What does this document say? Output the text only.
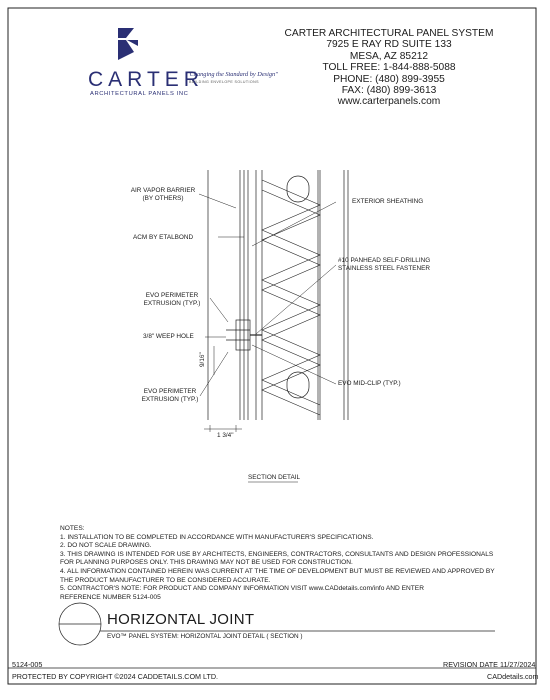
CARTER
ARCHITECTURAL PANELS INC
"Changing the Standard by Design"
BUILDING ENVELOPE SOLUTIONS
CARTER ARCHITECTURAL PANEL SYSTEM
7925 E RAY RD SUITE 133
MESA, AZ 85212
TOLL FREE: 1-844-888-5088
PHONE: (480) 899-3955
FAX: (480) 899-3613
www.carterpanels.com
AIR VAPOR BARRIER
(BY OTHERS)
ACM BY ETALBOND
EVO PERIMETER
EXTRUSION (TYP.)
3/8" WEEP HOLE
EVO PERIMETER
EXTRUSION (TYP.)
EXTERIOR SHEATHING
#10 PANHEAD SELF-DRILLING
STAINLESS STEEL FASTENER
EVO MID-CLIP (TYP.)
9/16"
1 3/4"
SECTION DETAIL
NOTES:
1. INSTALLATION TO BE COMPLETED IN ACCORDANCE WITH MANUFACTURER'S SPECIFICATIONS.
2. DO NOT SCALE DRAWING.
3. THIS DRAWING IS INTENDED FOR USE BY ARCHITECTS, ENGINEERS, CONTRACTORS, CONSULTANTS AND DESIGN PROFESSIONALS
FOR PLANNING PURPOSES ONLY. THIS DRAWING MAY NOT BE USED FOR CONSTRUCTION.
4. ALL INFORMATION CONTAINED HEREIN WAS CURRENT AT THE TIME OF DEVELOPMENT BUT MUST BE REVIEWED AND APPROVED BY
THE PRODUCT MANUFACTURER TO BE CONSIDERED ACCURATE.
5. CONTRACTOR'S NOTE: FOR PRODUCT AND COMPANY INFORMATION VISIT www.CADdetails.com/info AND ENTER
REFERENCE NUMBER 5124-005
HORIZONTAL JOINT
EVO™ PANEL SYSTEM: HORIZONTAL JOINT DETAIL ( SECTION )
5124-005	REVISION DATE 11/27/2024
PROTECTED BY COPYRIGHT ©2024 CADDETAILS.COM LTD.	CADdetails.com
